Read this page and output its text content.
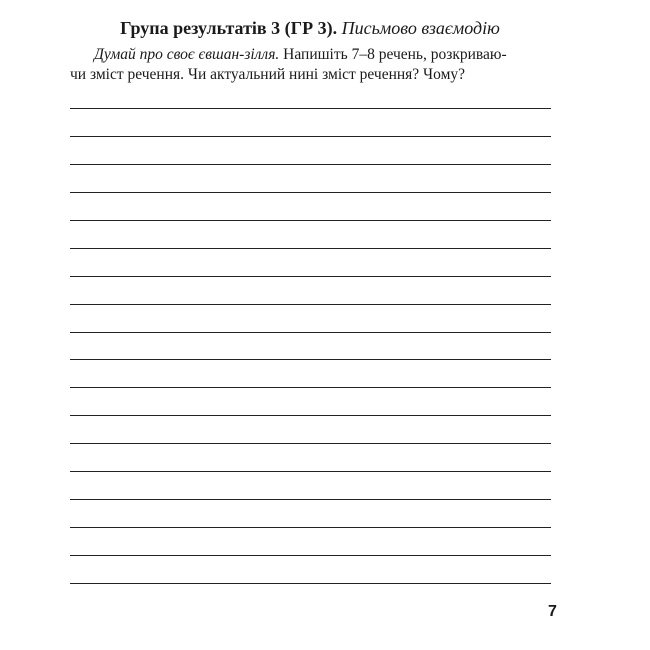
Група результатів 3 (ГР 3). Письмово взаємодію
Думай про своє євшан-зілля. Напишіть 7–8 речень, розкриваю-
чи зміст речення. Чи актуальний нині зміст речення? Чому?
7
